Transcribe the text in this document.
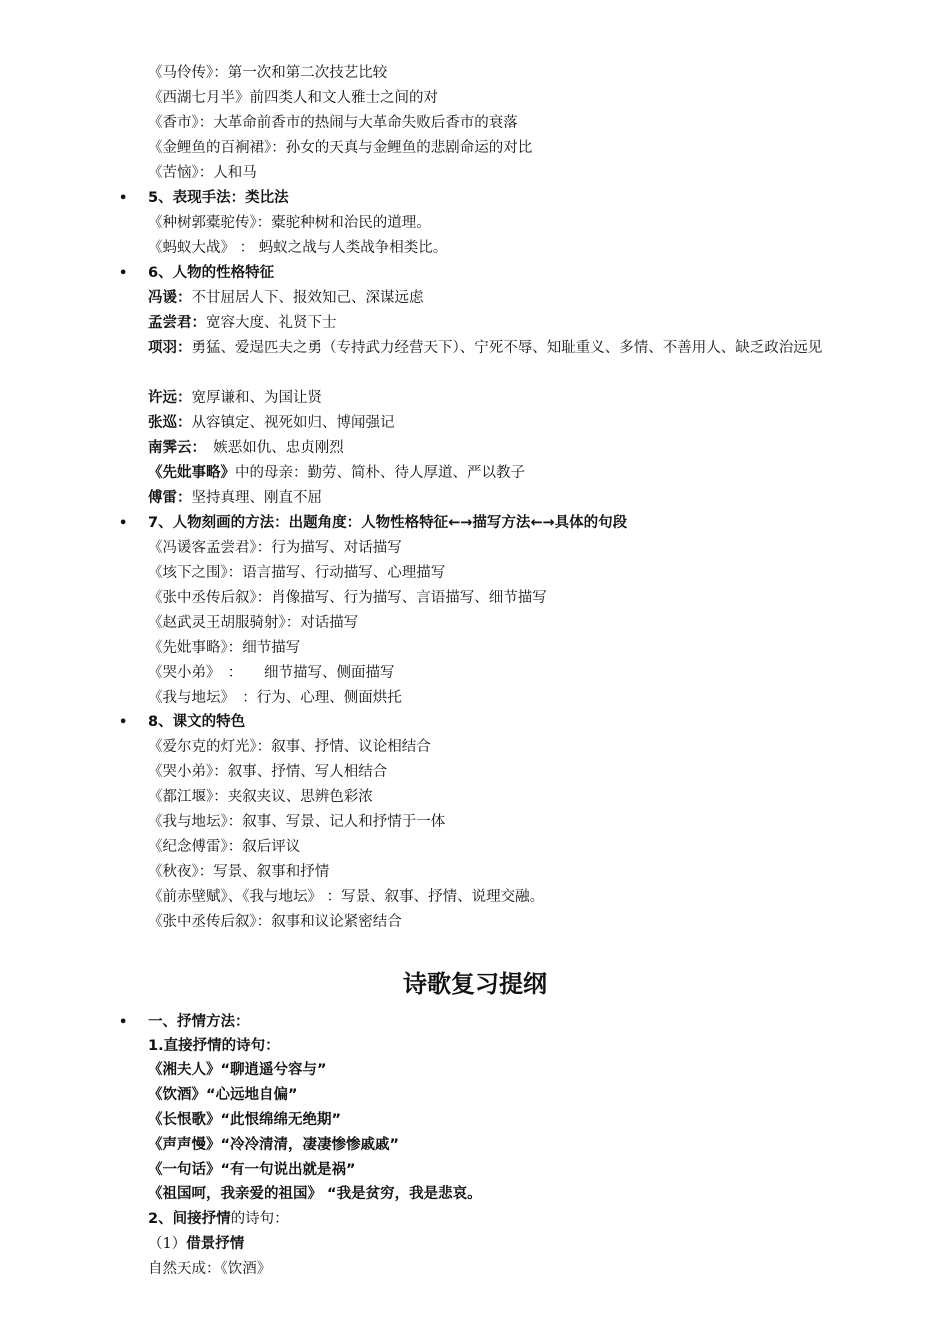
《马伶传》：第一次和第二次技艺比较
《西湖七月半》前四类人和文人雅士之间的对
《香市》：大革命前香市的热闹与大革命失败后香市的衰落
《金鲤鱼的百裥裙》：孙女的天真与金鲤鱼的悲剧命运的对比
《苦恼》：人和马
• 5、表现手法：类比法
《种树郭橐驼传》：橐驼种树和治民的道理。
《蚂蚁大战》 ： 蚂蚁之战与人类战争相类比。
• 6、人物的性格特征
冯谖：不甘屈居人下、报效知己、深谋远虑
孟尝君：宽容大度、礼贤下士
项羽：勇猛、爱逞匹夫之勇（专持武力经营天下）、宁死不辱、知耻重义、多情、不善用人、缺乏政治远见
许远：宽厚谦和、为国让贤
张巡：从容镇定、视死如归、博闻强记
南霁云：　嫉恶如仇、忠贞刚烈
《先妣事略》中的母亲：勤劳、简朴、待人厚道、严以教子
傅雷：坚持真理、刚直不屈
• 7、人物刻画的方法：出题角度：人物性格特征←→描写方法←→具体的句段
《冯谖客孟尝君》：行为描写、对话描写
《垓下之围》：语言描写、行动描写、心理描写
《张中丞传后叙》：肖像描写、行为描写、言语描写、细节描写
《赵武灵王胡服骑射》：对话描写
《先妣事略》：细节描写
《哭小弟》　：　　细节描写、侧面描写
《我与地坛》　：行为、心理、侧面烘托
• 8、课文的特色
《爱尔克的灯光》：叙事、抒情、议论相结合
《哭小弟》：叙事、抒情、写人相结合
《都江堰》：夹叙夹议、思辨色彩浓
《我与地坛》：叙事、写景、记人和抒情于一体
《纪念傅雷》：叙后评议
《秋夜》：写景、叙事和抒情
《前赤壁赋》、《我与地坛》 ：写景、叙事、抒情、说理交融。
《张中丞传后叙》：叙事和议论紧密结合
诗歌复习提纲
• 一、抒情方法：
1.直接抒情的诗句：
《湘夫人》“聊逍遥兮容与”
《饮酒》“心远地自偏”
《长恨歌》“此恨绵绵无绝期”
《声声慢》“冷冷清清，凄凄惨惨戚戚”
《一句话》“有一句说出就是祸”
《祖国呵，我亲爱的祖国》 “我是贫穷，我是悲哀。
2、间接抒情的诗句：
（1）借景抒情
自然天成：《饮酒》
